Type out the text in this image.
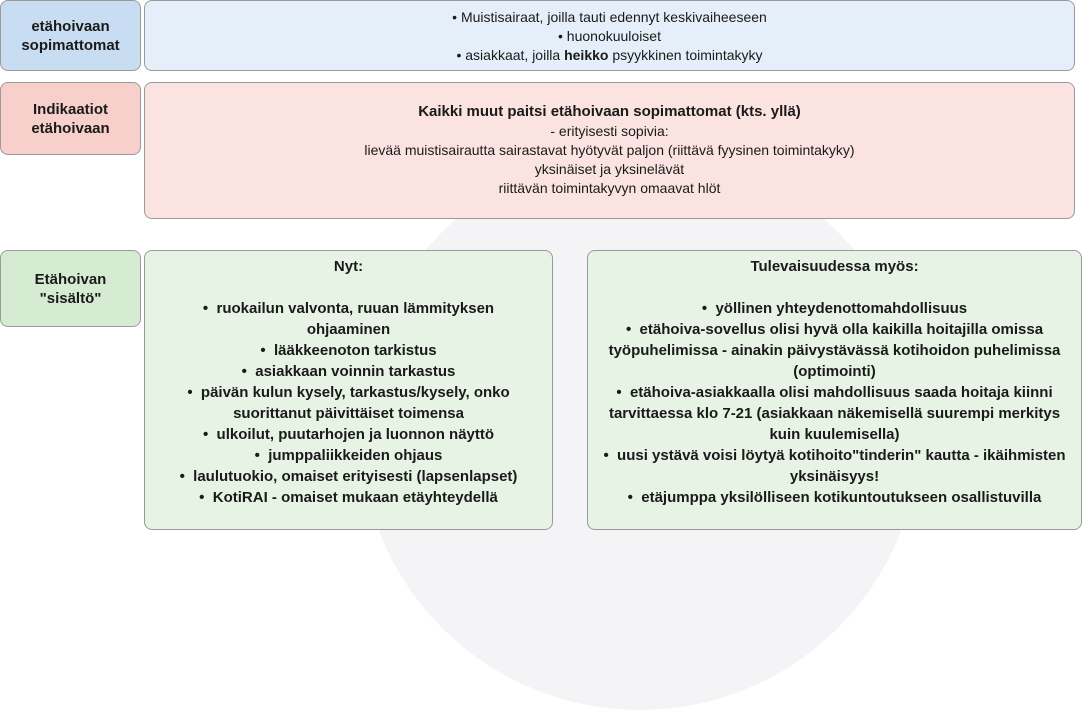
etähoivaan
sopimattomat
• Muistisairaat, joilla tauti edennyt keskivaiheeseen
• huonokuuloiset
• asiakkaat, joilla heikko psyykkinen toimintakyky
Indikaatiot
etähoivaan
Kaikki muut paitsi etähoivaan sopimattomat (kts. yllä)
- erityisesti sopivia:
lievää muistisairautta sairastavat hyötyvät paljon (riittävä fyysinen toimintakyky)
yksinäiset ja yksinelävät
riittävän toimintakyvyn omaavat hlöt
Etähoivan
"sisältö"
Nyt:
•  ruokailun valvonta, ruuan lämmityksen ohjaaminen
•  lääkkeenoton tarkistus
•  asiakkaan voinnin tarkastus
•  päivän kulun kysely, tarkastus/kysely, onko suorittanut päivittäiset toimensa
•  ulkoilut, puutarhojen ja luonnon näyttö
•  jumppaliikkeiden ohjaus
•  laulutuokio, omaiset erityisesti (lapsenlapset)
•  KotiRAI - omaiset mukaan etäyhteydellä
Tulevaisuudessa myös:
•  yöllinen yhteydenottomahdollisuus
•  etähoiva-sovellus olisi hyvä olla kaikilla hoitajilla omissa työpuhelimissa - ainakin päivystävässä kotihoidon puhelimissa (optimointi)
•  etähoiva-asiakkaalla olisi mahdollisuus saada hoitaja kiinni tarvittaessa klo 7-21 (asiakkaan näkemisellä suurempi merkitys kuin kuulemisella)
•  uusi ystävä voisi löytyä kotihoito"tinderin" kautta - ikäihmisten yksinäisyys!
•  etäjumppa yksilölliseen kotikuntoutukseen osallistuvilla
